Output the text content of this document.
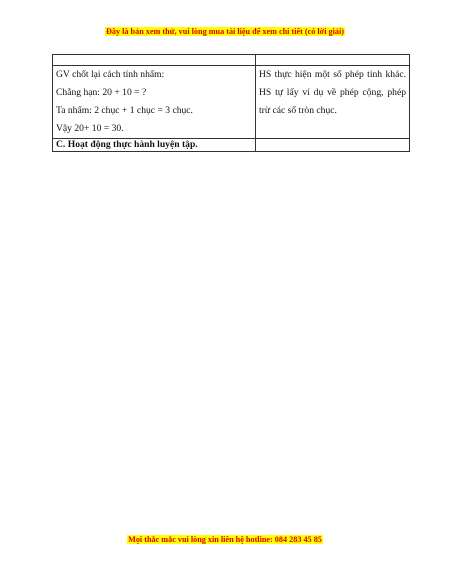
Đây là bản xem thử, vui lòng mua tài liệu để xem chi tiết (có lời giải)

GV chốt lại cách tính nhẩm:

Chẳng hạn: 20 + 10 = ?

Ta nhẩm: 2 chục + 1 chục = 3 chục.

Vậy 20+ 10 = 30.	HS thực hiện một số phép tính khác. HS tự lấy ví dụ về phép cộng, phép trừ các số tròn chục.
C. Hoạt động thực hành luyện tập.	
Mọi thắc mắc vui lòng xin liên hệ hotline: 084 283 45 85
